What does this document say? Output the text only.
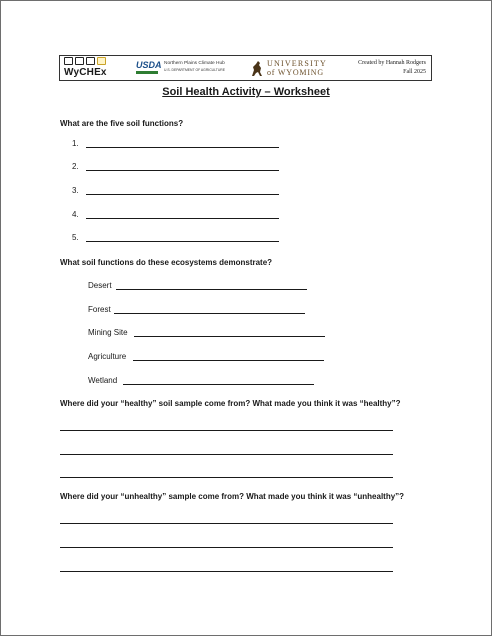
WyCHEx
USDA Northern Plains Climate Hub
U.S. DEPARTMENT OF AGRICULTURE
UNIVERSITY
of WYOMING
Created by Hannah Rodgers
Fall 2025
Soil Health Activity – Worksheet
What are the five soil functions?
1.
2.
3.
4.
5.
What soil functions do these ecosystems demonstrate?
Desert
Forest
Mining Site
Agriculture
Wetland
Where did your “healthy” soil sample come from? What made you think it was “healthy”?
Where did your “unhealthy” sample come from? What made you think it was “unhealthy”?
